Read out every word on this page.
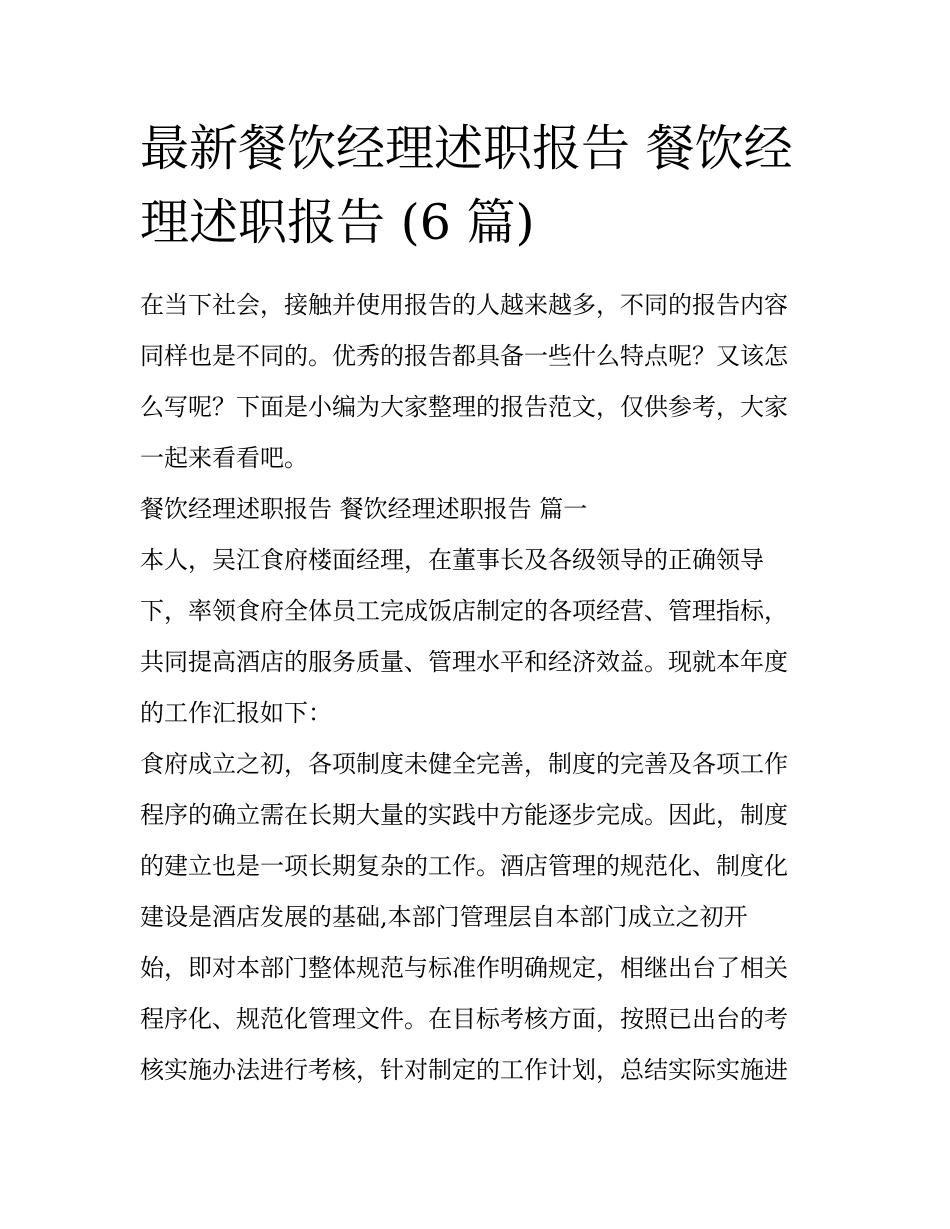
最新餐饮经理述职报告 餐饮经
理述职报告 (6 篇)
在当下社会，接触并使用报告的人越来越多，不同的报告内容
同样也是不同的。优秀的报告都具备一些什么特点呢？又该怎
么写呢？下面是小编为大家整理的报告范文，仅供参考，大家
一起来看看吧。
餐饮经理述职报告 餐饮经理述职报告 篇一
本人，吴江食府楼面经理，在董事长及各级领导的正确领导
下，率领食府全体员工完成饭店制定的各项经营、管理指标，
共同提高酒店的服务质量、管理水平和经济效益。现就本年度
的工作汇报如下：
食府成立之初，各项制度未健全完善，制度的完善及各项工作
程序的确立需在长期大量的实践中方能逐步完成。因此，制度
的建立也是一项长期复杂的工作。酒店管理的规范化、制度化
建设是酒店发展的基础,本部门管理层自本部门成立之初开
始，即对本部门整体规范与标准作明确规定，相继出台了相关
程序化、规范化管理文件。在目标考核方面，按照已出台的考
核实施办法进行考核，针对制定的工作计划，总结实际实施进
